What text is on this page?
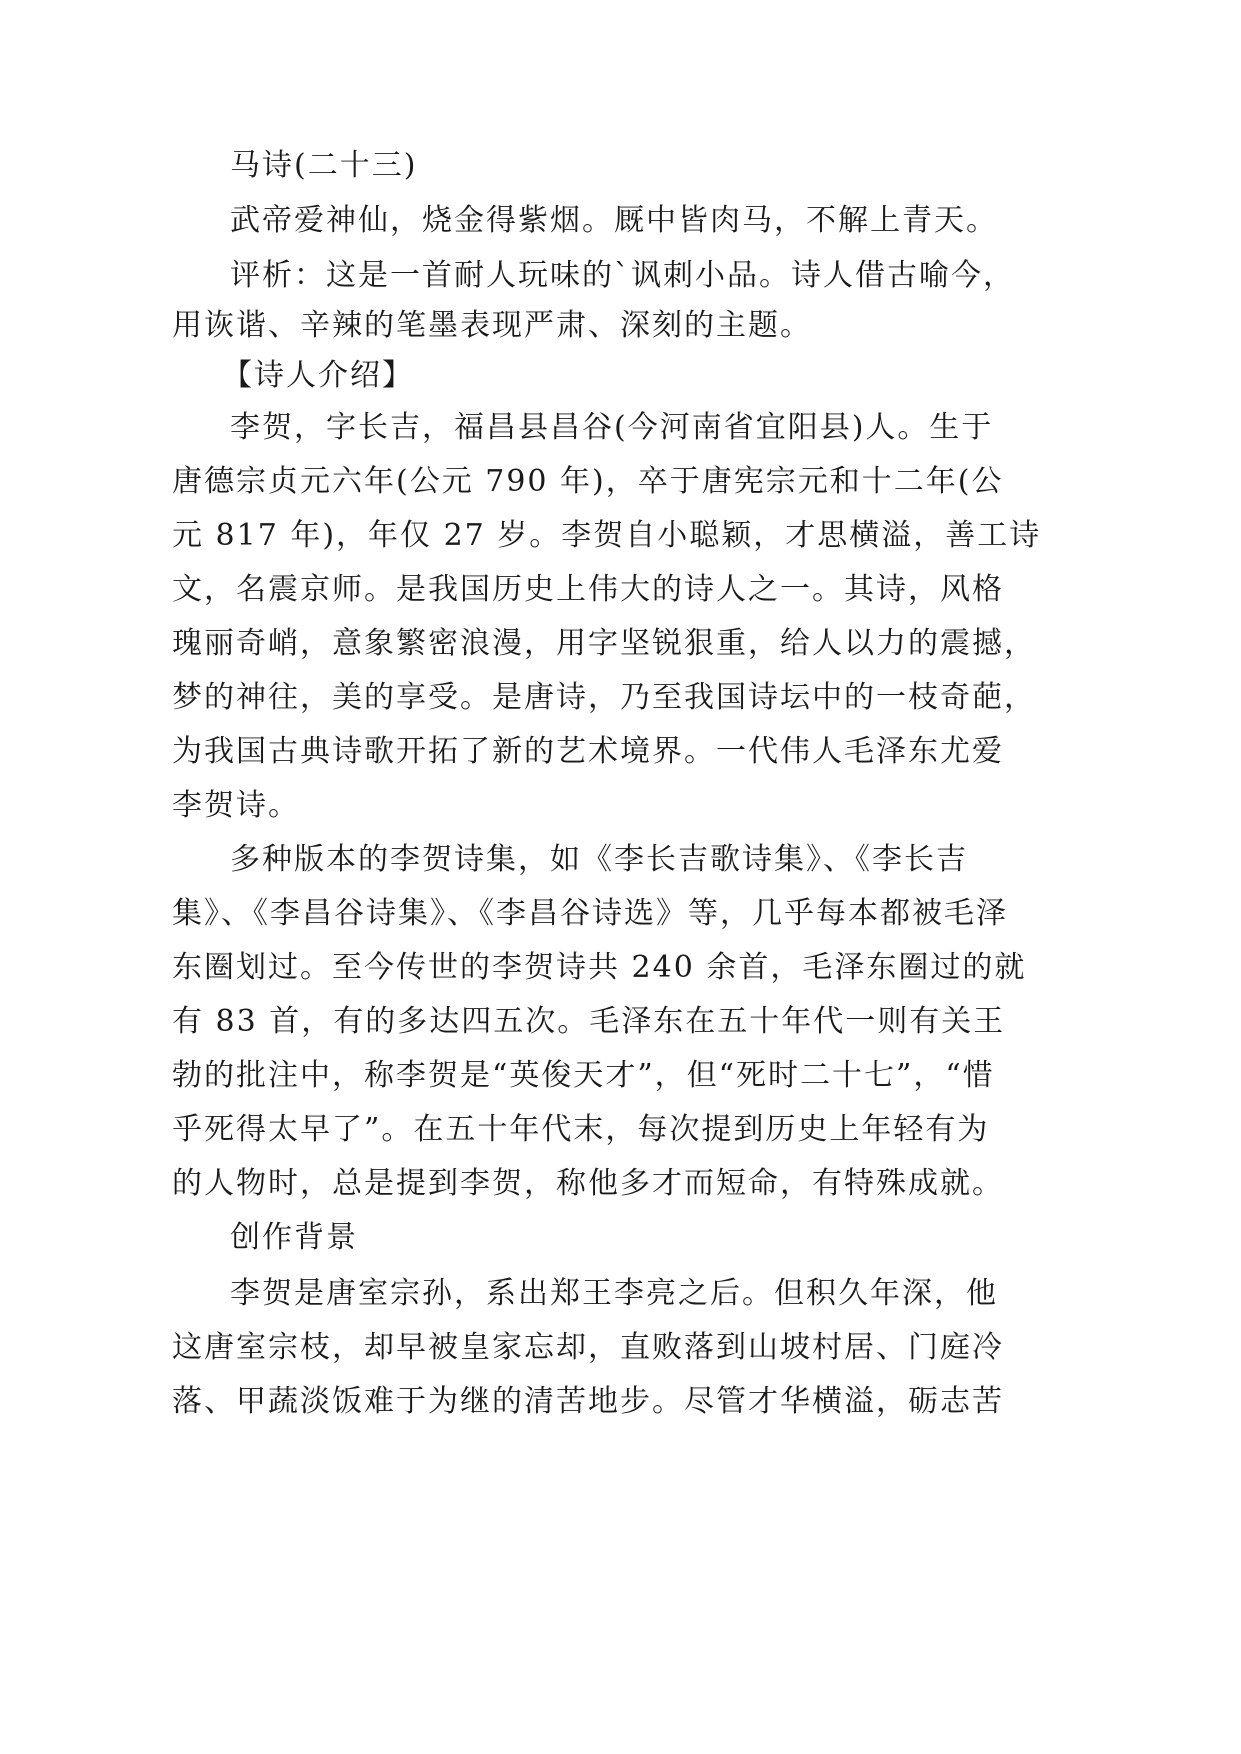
马诗(二十三)
武帝爱神仙，烧金得紫烟。厩中皆肉马，不解上青天。
评析：这是一首耐人玩味的`讽刺小品。诗人借古喻今，
用诙谐、辛辣的笔墨表现严肃、深刻的主题。
【诗人介绍】
李贺，字长吉，福昌县昌谷(今河南省宜阳县)人。生于
唐德宗贞元六年(公元 790 年)，卒于唐宪宗元和十二年(公
元 817 年)，年仅 27 岁。李贺自小聪颖，才思横溢，善工诗
文，名震京师。是我国历史上伟大的诗人之一。其诗，风格
瑰丽奇峭，意象繁密浪漫，用字坚锐狠重，给人以力的震撼，
梦的神往，美的享受。是唐诗，乃至我国诗坛中的一枝奇葩，
为我国古典诗歌开拓了新的艺术境界。一代伟人毛泽东尤爱
李贺诗。
多种版本的李贺诗集，如《李长吉歌诗集》、《李长吉
集》、《李昌谷诗集》、《李昌谷诗选》等，几乎每本都被毛泽
东圈划过。至今传世的李贺诗共 240 余首，毛泽东圈过的就
有 83 首，有的多达四五次。毛泽东在五十年代一则有关王
勃的批注中，称李贺是“英俊天才”，但“死时二十七”，“惜
乎死得太早了”。在五十年代末，每次提到历史上年轻有为
的人物时，总是提到李贺，称他多才而短命，有特殊成就。
创作背景
李贺是唐室宗孙，系出郑王李亮之后。但积久年深，他
这唐室宗枝，却早被皇家忘却，直败落到山坡村居、门庭冷
落、甲蔬淡饭难于为继的清苦地步。尽管才华横溢，砺志苦
